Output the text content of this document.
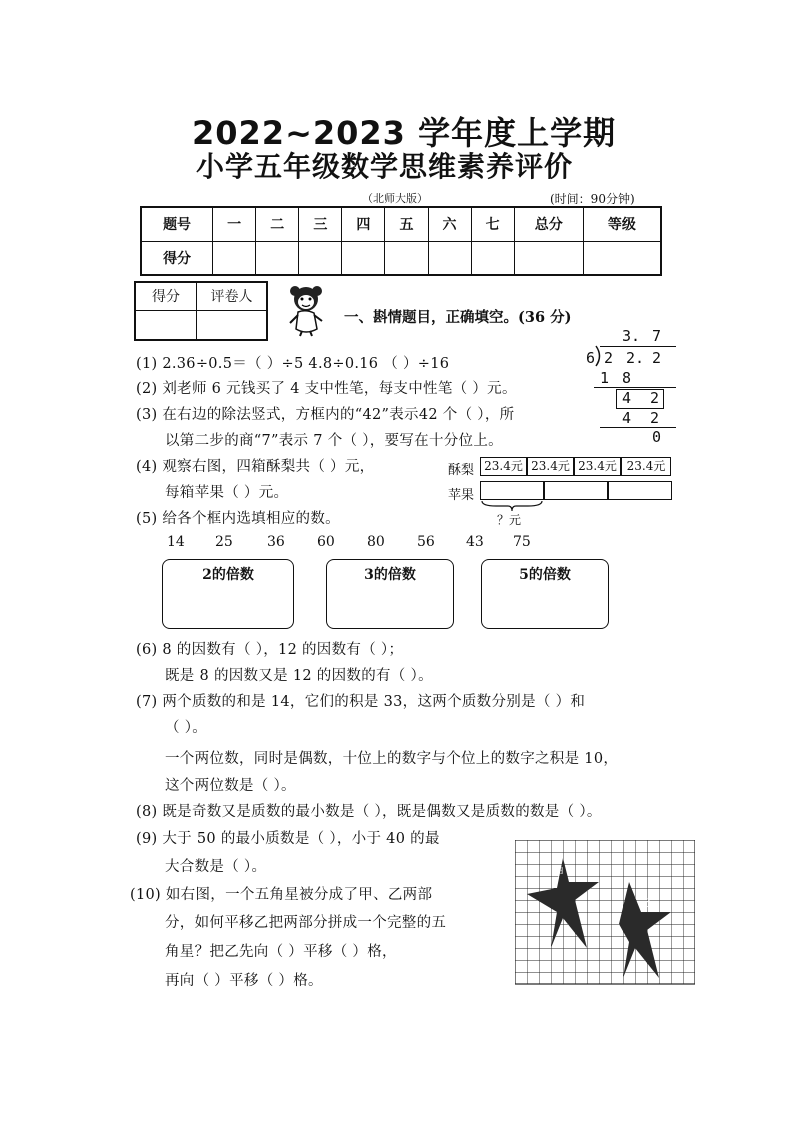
2022~2023 学年度上学期
小学五年级数学思维素养评价
（北师大版）	(时间：90分钟)
题号	一	二	三	四	五	六	七	总分	等级
得分									
得分	评卷人

一、斟情题目，正确填空。(36 分)
3. 7
6 2 2. 2
1 8
4 2
4 2
0
(1) 2.36÷0.5＝（ ）÷5 4.8÷0.16 （ ）÷16
(2) 刘老师 6 元钱买了 4 支中性笔，每支中性笔（ ）元。
(3) 在右边的除法竖式，方框内的“42”表示42 个（ ），所
以第二步的商“7”表示 7 个（ ），要写在十分位上。
(4) 观察右图，四箱酥梨共（ ）元，
每箱苹果（ ）元。
酥梨 23.4元 23.4元 23.4元 23.4元
苹果
？元
(5) 给各个框内选填相应的数。
14 25 36 60 80 56 43 75
2的倍数	3的倍数	5的倍数
(6) 8 的因数有（ ），12 的因数有（ ）；
既是 8 的因数又是 12 的因数的有（ ）。
(7) 两个质数的和是 14，它们的积是 33，这两个质数分别是（ ）和
（ ）。
一个两位数，同时是偶数，十位上的数字与个位上的数字之积是 10，
这个两位数是（ ）。
(8) 既是奇数又是质数的最小数是（ ），既是偶数又是质数的数是（ ）。
(9) 大于 50 的最小质数是（ ），小于 40 的最
大合数是（ ）。
(10) 如右图，一个五角星被分成了甲、乙两部
分，如何平移乙把两部分拼成一个完整的五
角星？把乙先向（ ）平移（ ）格，
再向（ ）平移（ ）格。
甲
乙
